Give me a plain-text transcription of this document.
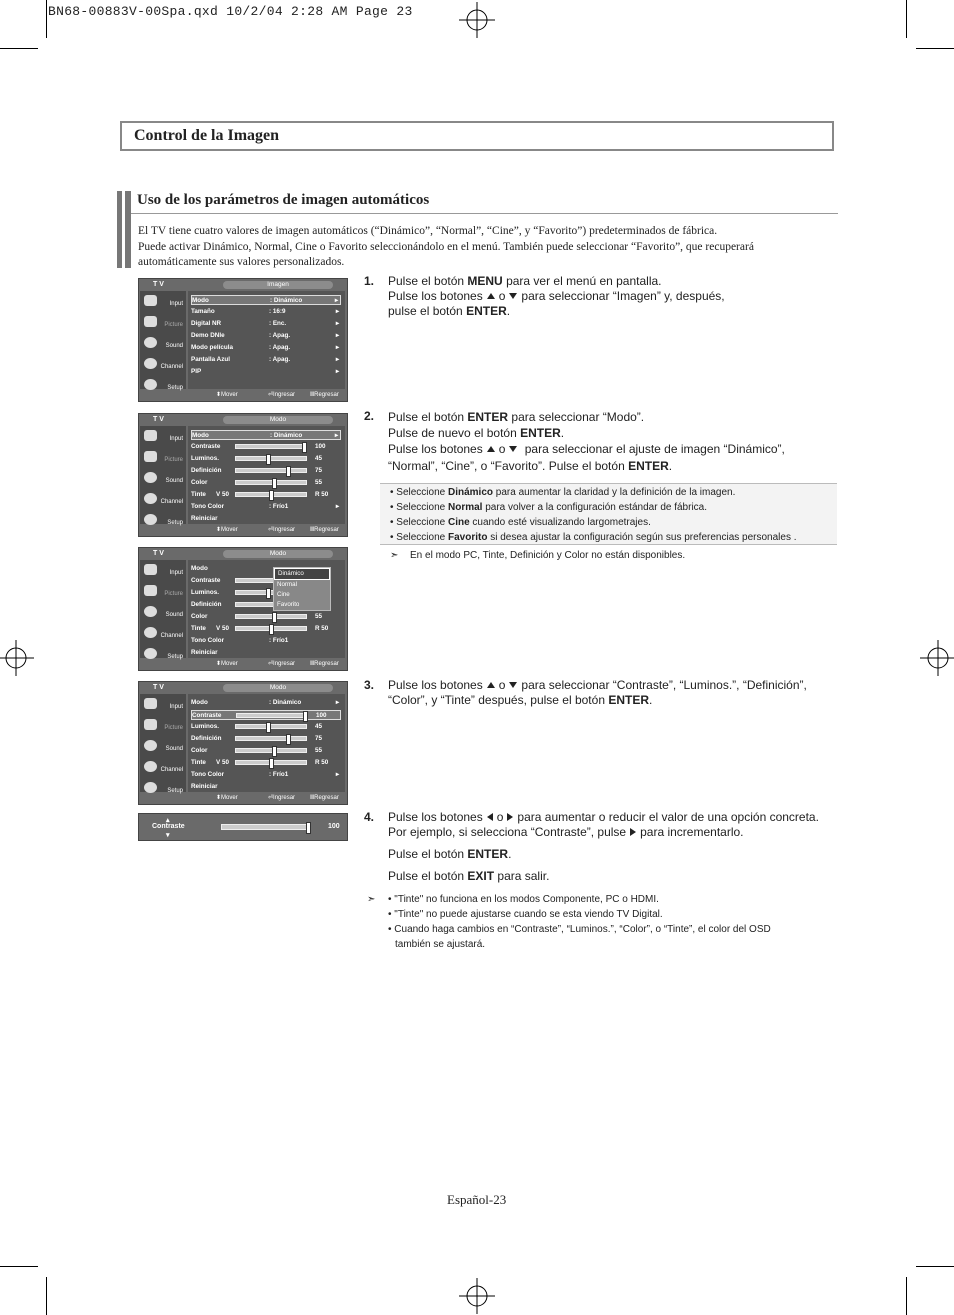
BN68-00883V-00Spa.qxd 10/2/04 2:28 AM Page 23
Control de la Imagen
Uso de los parámetros de imagen automáticos

El TV tiene cuatro valores de imagen automáticos (“Dinámico”, “Normal”, “Cine”, y “Favorito”) predeterminados de fábrica.

Puede activar Dinámico, Normal, Cine o Favorito seleccionándolo en el menú. También puede seleccionar “Favorito”, que recuperará

automáticamente sus valores personalizados.

T V	Imagen
Input
Picture
Sound
Channel
Setup
Modo	: Dinámico	▸
Tamaño	: 16:9	▸
Digital NR	: Enc.	▸
Demo DNIe	: Apag.	▸
Modo película	: Apag.	▸
Pantalla Azul	: Apag.	▸
PIP	▸
⬍Mover	⏎Ingresar ⅢRegresar
T V	Modo
Input
Picture
Sound
Channel
Setup
Modo	: Dinámico	▸
Contraste	100
Luminos.	45
Definición	75
Color	55
Tinte V 50	R 50
Tono Color	: Frío1	▸
Reiniciar
⬍Mover	⏎Ingresar ⅢRegresar
T V	Modo
Input
Picture
Sound
Channel
Setup
Modo
Contraste
Luminos.
Definición
Color	55
Tinte V 50	R 50
Tono Color	: Frío1
Reiniciar
Dinámico
Normal
Cine
Favorito
⬍Mover	⏎Ingresar ⅢRegresar
T V	Modo
Input
Picture
Sound
Channel
Setup
Modo	: Dinámico	▸
Contraste	100
Luminos.	45
Definición	75
Color	55
Tinte V 50	R 50
Tono Color	: Frío1	▸
Reiniciar
⬍Mover	⏎Ingresar ⅢRegresar
▴
Contraste
▾
100
1. Pulse el botón MENU para ver el menú en pantalla.
Pulse los botones o para seleccionar “Imagen” y, después,
pulse el botón ENTER.
2. Pulse el botón ENTER para seleccionar “Modo”.
Pulse de nuevo el botón ENTER.
Pulse los botones o para seleccionar el ajuste de imagen “Dinámico”,
“Normal”, “Cine”, o “Favorito”. Pulse el botón ENTER.
• Seleccione Dinámico para aumentar la claridad y la definición de la imagen.
• Seleccione Normal para volver a la configuración estándar de fábrica.
• Seleccione Cine cuando esté visualizando largometrajes.
• Seleccione Favorito si desea ajustar la configuración según sus preferencias personales .
➣ En el modo PC, Tinte, Definición y Color no están disponibles.
3. Pulse los botones o para seleccionar “Contraste”, “Luminos.”, “Definición”,
“Color”, y “Tinte” después, pulse el botón ENTER.
4. Pulse los botones o para aumentar o reducir el valor de una opción concreta.
Por ejemplo, si selecciona “Contraste”, pulse para incrementarlo.
Pulse el botón ENTER.
Pulse el botón EXIT para salir.
➣ • "Tinte" no funciona en los modos Componente, PC o HDMI.
• "Tinte" no puede ajustarse cuando se esta viendo TV Digital.
• Cuando haga cambios en “Contraste”, “Luminos.”, “Color”, o “Tinte”, el color del OSD
también se ajustará.
Español-23
